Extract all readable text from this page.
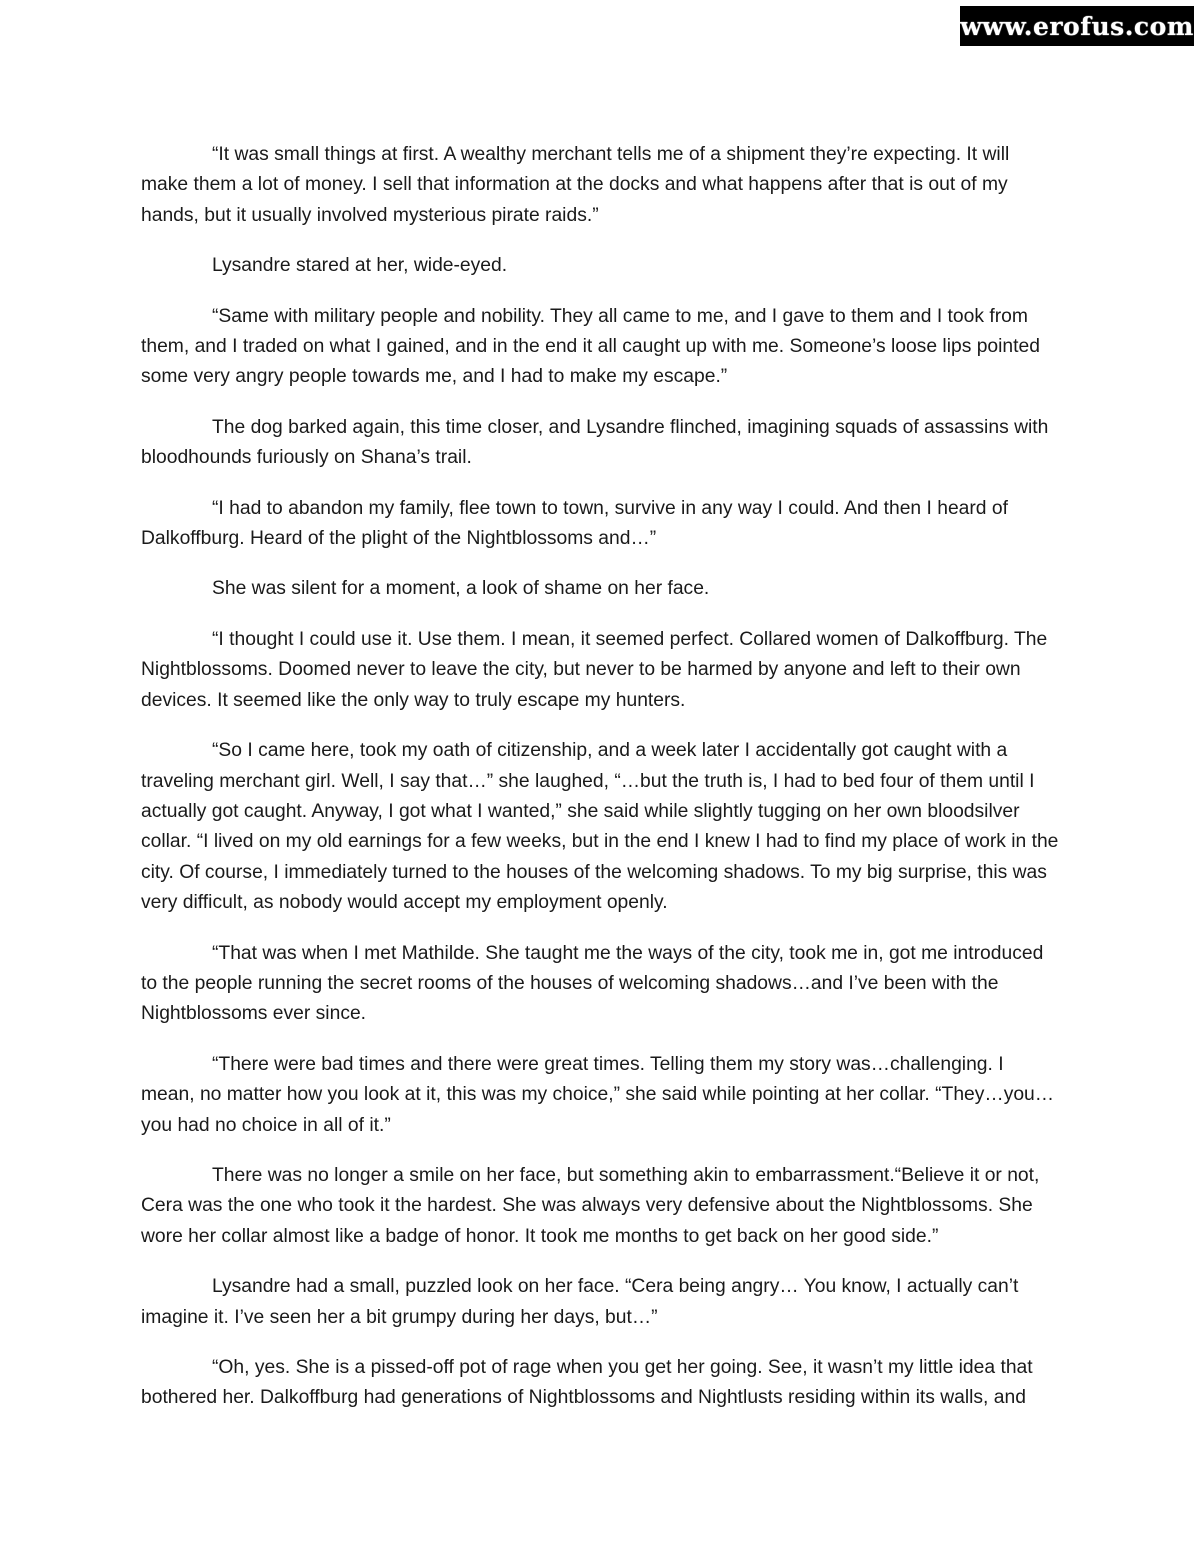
www.erofus.com

“It was small things at first. A wealthy merchant tells me of a shipment they’re expecting. It will make them a lot of money. I sell that information at the docks and what happens after that is out of my hands, but it usually involved mysterious pirate raids.”

Lysandre stared at her, wide-eyed.

“Same with military people and nobility. They all came to me, and I gave to them and I took from them, and I traded on what I gained, and in the end it all caught up with me. Someone’s loose lips pointed some very angry people towards me, and I had to make my escape.”

The dog barked again, this time closer, and Lysandre flinched, imagining squads of assassins with bloodhounds furiously on Shana’s trail.

“I had to abandon my family, flee town to town, survive in any way I could. And then I heard of Dalkoffburg. Heard of the plight of the Nightblossoms and…”

She was silent for a moment, a look of shame on her face.

“I thought I could use it. Use them. I mean, it seemed perfect. Collared women of Dalkoffburg. The Nightblossoms. Doomed never to leave the city, but never to be harmed by anyone and left to their own devices. It seemed like the only way to truly escape my hunters.

“So I came here, took my oath of citizenship, and a week later I accidentally got caught with a traveling merchant girl. Well, I say that…” she laughed, “…but the truth is, I had to bed four of them until I actually got caught. Anyway, I got what I wanted,” she said while slightly tugging on her own bloodsilver collar. “I lived on my old earnings for a few weeks, but in the end I knew I had to find my place of work in the city. Of course, I immediately turned to the houses of the welcoming shadows. To my big surprise, this was very difficult, as nobody would accept my employment openly.

“That was when I met Mathilde. She taught me the ways of the city, took me in, got me introduced to the people running the secret rooms of the houses of welcoming shadows…and I’ve been with the Nightblossoms ever since.

“There were bad times and there were great times. Telling them my story was…challenging. I mean, no matter how you look at it, this was my choice,” she said while pointing at her collar. “They…you…you had no choice in all of it.”

There was no longer a smile on her face, but something akin to embarrassment.“Believe it or not, Cera was the one who took it the hardest. She was always very defensive about the Nightblossoms. She wore her collar almost like a badge of honor. It took me months to get back on her good side.”

Lysandre had a small, puzzled look on her face. “Cera being angry… You know, I actually can’t imagine it. I’ve seen her a bit grumpy during her days, but…”

“Oh, yes. She is a pissed-off pot of rage when you get her going. See, it wasn’t my little idea that bothered her. Dalkoffburg had generations of Nightblossoms and Nightlusts residing within its walls, and
